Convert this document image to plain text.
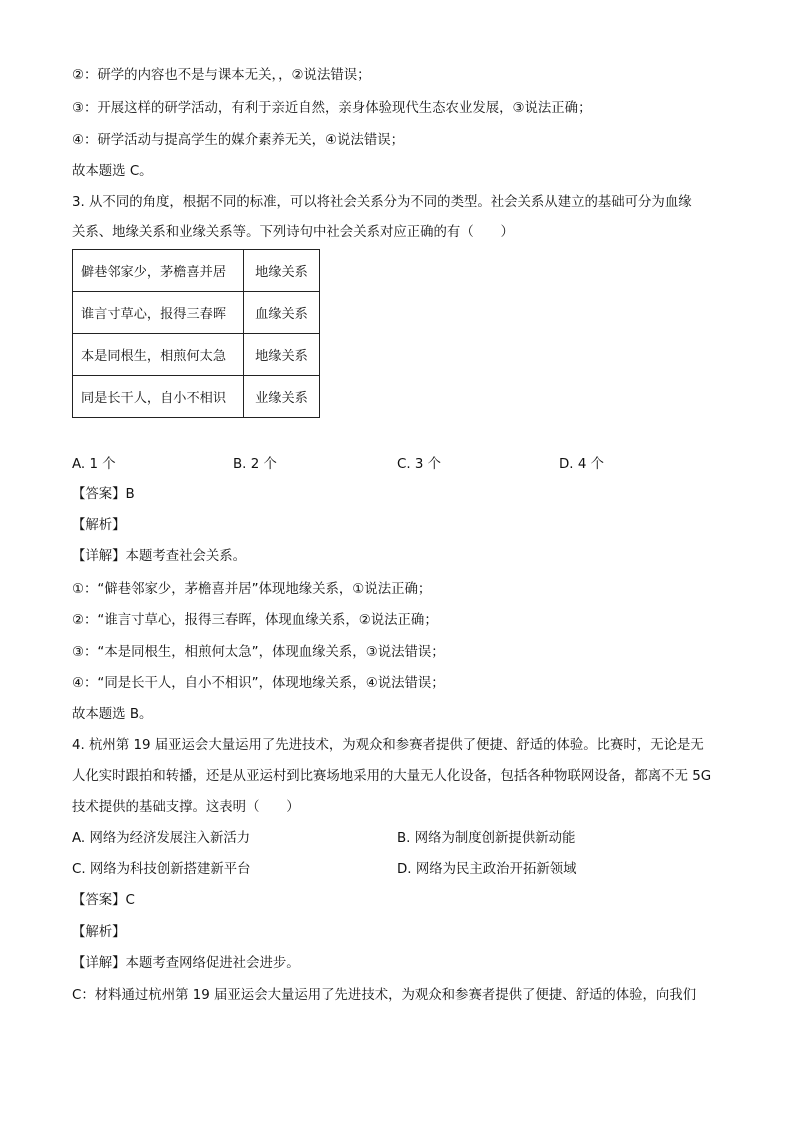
②：研学的内容也不是与课本无关，，②说法错误；
③：开展这样的研学活动，有利于亲近自然，亲身体验现代生态农业发展，③说法正确；
④：研学活动与提高学生的媒介素养无关，④说法错误；
故本题选 C。
3. 从不同的角度，根据不同的标准，可以将社会关系分为不同的类型。社会关系从建立的基础可分为血缘
关系、地缘关系和业缘关系等。下列诗句中社会关系对应正确的有（　　）
僻巷邻家少，茅檐喜并居	地缘关系
谁言寸草心，报得三春晖	血缘关系
本是同根生，相煎何太急	地缘关系
同是长干人，自小不相识	业缘关系
A. 1 个	B. 2 个	C. 3 个	D. 4 个
【答案】B
【解析】
【详解】本题考查社会关系。
①：“僻巷邻家少，茅檐喜并居”体现地缘关系，①说法正确；
②：“谁言寸草心，报得三春晖，体现血缘关系，②说法正确；
③：“本是同根生，相煎何太急”，体现血缘关系，③说法错误；
④：“同是长干人，自小不相识”，体现地缘关系，④说法错误；
故本题选 B。
4. 杭州第 19 届亚运会大量运用了先进技术，为观众和参赛者提供了便捷、舒适的体验。比赛时，无论是无
人化实时跟拍和转播，还是从亚运村到比赛场地采用的大量无人化设备，包括各种物联网设备，都离不无 5G
技术提供的基础支撑。这表明（　　）
A. 网络为经济发展注入新活力	B. 网络为制度创新提供新动能
C. 网络为科技创新搭建新平台	D. 网络为民主政治开拓新领域
【答案】C
【解析】
【详解】本题考查网络促进社会进步。
C：材料通过杭州第 19 届亚运会大量运用了先进技术，为观众和参赛者提供了便捷、舒适的体验，向我们
